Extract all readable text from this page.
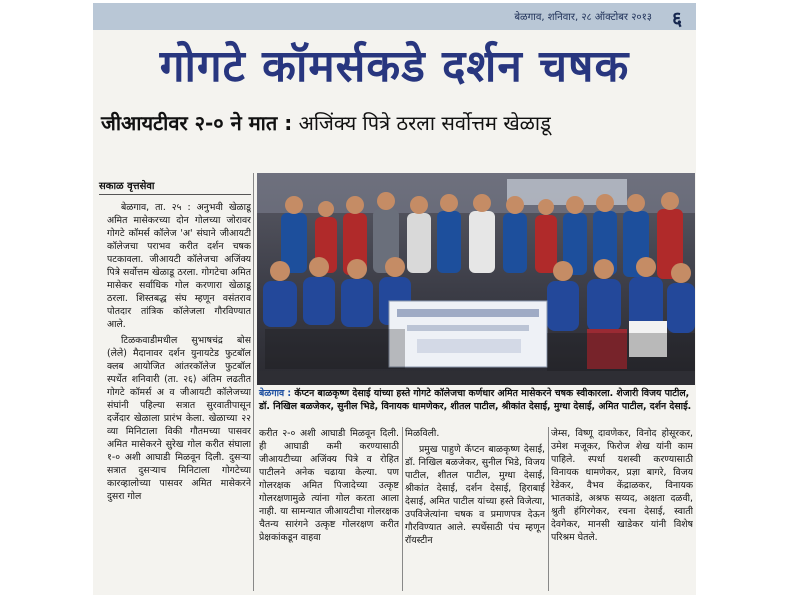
बेळगाव, शनिवार, २८ ऑक्टोबर २०१३ ६
गोगटे कॉमर्सकडे दर्शन चषक
जीआयटीवर २-० ने मात : अजिंक्य पित्रे ठरला सर्वोत्तम खेळाडू
सकाळ वृत्तसेवा

बेळगाव, ता. २५ : अनुभवी खेळाडू अमित मासेकरच्या दोन गोलच्या जोरावर गोगटे कॉमर्स कॉलेज 'अ' संघाने जीआयटी कॉलेजचा पराभव करीत दर्शन चषक पटकावला. जीआयटी कॉलेजचा अजिंक्य पित्रे सर्वोत्तम खेळाडू ठरला. गोगटेचा अमित मासेकर सर्वाधिक गोल करणारा खेळाडू ठरला. शिस्तबद्ध संघ म्हणून वसंतराव पोतदार तांत्रिक कॉलेजला गौरविण्यात आले.

टिळकवाडीमधील सुभाषचंद्र बोस (लेले) मैदानावर दर्शन युनायटेड फुटबॉल क्लब आयोजित आंतरकॉलेज फुटबॉल स्पर्धेत शनिवारी (ता. २६) अंतिम लढतीत गोगटे कॉमर्स अ व जीआयटी कॉलेजच्या संघांनी पहिल्या सत्रात सुरवातीपासून दर्जेदार खेळाला प्रारंभ केला. खेळाच्या २२ व्या मिनिटाला विकी गौतमच्या पासवर अमित मासेकरने सुरेख गोल करीत संघाला १-० अशी आघाडी मिळवून दिली. दुसऱ्या सत्रात दुसऱ्याच मिनिटाला गोगटेच्या कारव्हालोच्या पासवर अमित मासेकरने दुसरा गोल

बेळगाव : कॅप्टन बाळकृष्ण देसाई यांच्या हस्ते गोगटे कॉलेजचा कर्णधार अमित मासेकरने चषक स्वीकारला. शेजारी विजय पाटील, डॉ. निखिल बळजेकर, सुनील भिडे, विनायक धामणेकर, शीतल पाटील, श्रीकांत देसाई, मुग्धा देसाई, अमित पाटील, दर्शन देसाई.

करीत २-० अशी आघाडी मिळवून दिली. ही आघाडी कमी करण्यासाठी जीआयटीच्या अजिंक्य पित्रे व रोहित पाटीलने अनेक चढाया केल्या. पण गोलरक्षक अमित पिजादेच्या उत्कृष्ट गोलरक्षणामुळे त्यांना गोल करता आला नाही. या सामन्यात जीआयटीचा गोलरक्षक चैतन्य सारंगने उत्कृष्ट गोलरक्षण करीत प्रेक्षकांकडून वाहवा

मिळविली.

प्रमुख पाहुणे कॅप्टन बाळकृष्ण देसाई, डॉ. निखिल बळजेकर, सुनील भिडे, विजय पाटील, शीतल पाटील, मुग्धा देसाई, श्रीकांत देसाई, दर्शन देसाई, हिराबाई देसाई, अमित पाटील यांच्या हस्ते विजेत्या, उपविजेत्यांना चषक व प्रमाणपत्र देऊन गौरविण्यात आले. स्पर्धेसाठी पंच म्हणून रॉयस्टीन

जेम्स, विष्णू दावणेकर, विनोद होसूरकर, उमेश मजूकर, फिरोज शेख यांनी काम पाहिले. स्पर्धा यशस्वी करण्यासाठी विनायक धामणेकर, प्रज्ञा बागरे, विजय रेडेकर, वैभव केंद्राळकर, विनायक भातकांडे, अश्रफ सय्यद, अक्षता दळवी, श्रुती हंगिरगेकर, रचना देसाई, स्वाती देवगेकर, मानसी खाडेकर यांनी विशेष परिश्रम घेतले.
